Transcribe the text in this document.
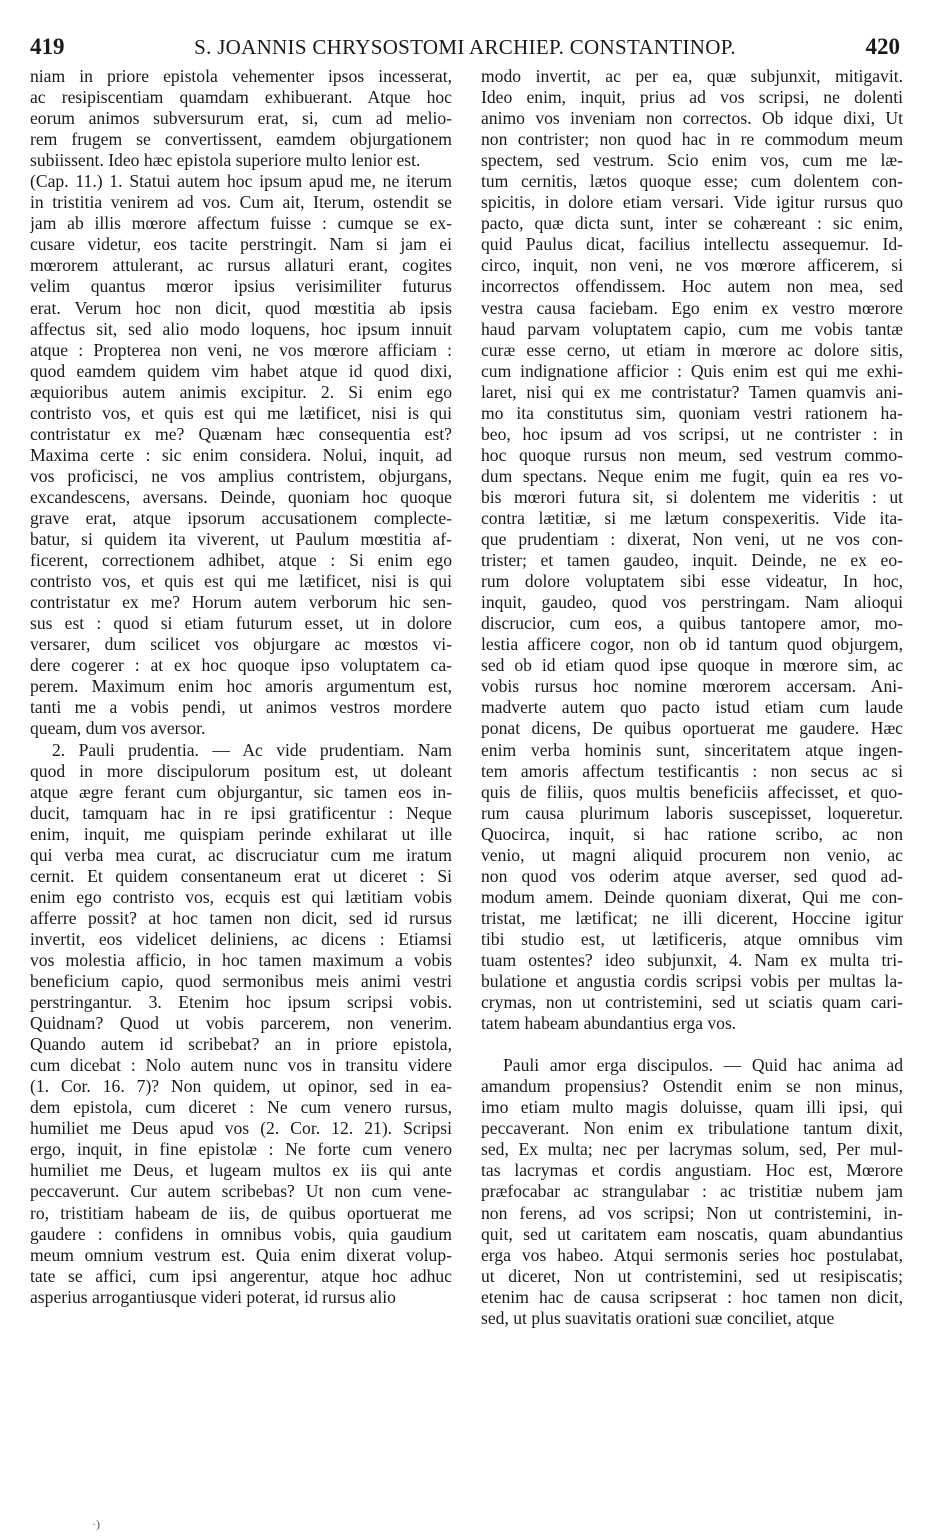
419	S. JOANNIS CHRYSOSTOMI ARCHIEP. CONSTANTINOP.	420
niam in priore epistola vehementer ipsos incesserat,
ac resipiscentiam quamdam exhibuerant. Atque hoc
eorum animos subversurum erat, si, cum ad melio-
rem frugem se convertissent, eamdem objurgationem
subiissent. Ideo hæc epistola superiore multo lenior est.
(Cap. 11.) 1. Statui autem hoc ipsum apud me, ne iterum
in tristitia venirem ad vos. Cum ait, Iterum, ostendit se
jam ab illis mœrore affectum fuisse : cumque se ex-
cusare videtur, eos tacite perstringit. Nam si jam ei
mœrorem attulerant, ac rursus allaturi erant, cogites
velim quantus mœror ipsius verisimiliter futurus
erat. Verum hoc non dicit, quod mœstitia ab ipsis
affectus sit, sed alio modo loquens, hoc ipsum innuit
atque : Propterea non veni, ne vos mœrore afficiam :
quod eamdem quidem vim habet atque id quod dixi,
æquioribus autem animis excipitur. 2. Si enim ego
contristo vos, et quis est qui me lætificet, nisi is qui
contristatur ex me? Quænam hæc consequentia est?
Maxima certe : sic enim considera. Nolui, inquit, ad
vos proficisci, ne vos amplius contristem, objurgans,
excandescens, aversans. Deinde, quoniam hoc quoque
grave erat, atque ipsorum accusationem complecte-
batur, si quidem ita viverent, ut Paulum mœstitia af-
ficerent, correctionem adhibet, atque : Si enim ego
contristo vos, et quis est qui me lætificet, nisi is qui
contristatur ex me? Horum autem verborum hic sen-
sus est : quod si etiam futurum esset, ut in dolore
versarer, dum scilicet vos objurgare ac mœstos vi-
dere cogerer : at ex hoc quoque ipso voluptatem ca-
perem. Maximum enim hoc amoris argumentum est,
tanti me a vobis pendi, ut animos vestros mordere
queam, dum vos aversor.
2. Pauli prudentia. — Ac vide prudentiam. Nam
quod in more discipulorum positum est, ut doleant
atque ægre ferant cum objurgantur, sic tamen eos in-
ducit, tamquam hac in re ipsi gratificentur : Neque
enim, inquit, me quispiam perinde exhilarat ut ille
qui verba mea curat, ac discruciatur cum me iratum
cernit. Et quidem consentaneum erat ut diceret : Si
enim ego contristo vos, ecquis est qui lætitiam vobis
afferre possit? at hoc tamen non dicit, sed id rursus
invertit, eos videlicet deliniens, ac dicens : Etiamsi
vos molestia afficio, in hoc tamen maximum a vobis
beneficium capio, quod sermonibus meis animi vestri
perstringantur. 3. Etenim hoc ipsum scripsi vobis.
Quidnam? Quod ut vobis parcerem, non venerim.
Quando autem id scribebat? an in priore epistola,
cum dicebat : Nolo autem nunc vos in transitu videre
(1. Cor. 16. 7)? Non quidem, ut opinor, sed in ea-
dem epistola, cum diceret : Ne cum venero rursus,
humiliet me Deus apud vos (2. Cor. 12. 21). Scripsi
ergo, inquit, in fine epistolæ : Ne forte cum venero
humiliet me Deus, et lugeam multos ex iis qui ante
peccaverunt. Cur autem scribebas? Ut non cum vene-
ro, tristitiam habeam de iis, de quibus oportuerat me
gaudere : confidens in omnibus vobis, quia gaudium
meum omnium vestrum est. Quia enim dixerat volup-
tate se affici, cum ipsi angerentur, atque hoc adhuc
asperius arrogantiusque videri poterat, id rursus alio
modo invertit, ac per ea, quæ subjunxit, mitigavit.
Ideo enim, inquit, prius ad vos scripsi, ne dolenti
animo vos inveniam non correctos. Ob idque dixi, Ut
non contrister; non quod hac in re commodum meum
spectem, sed vestrum. Scio enim vos, cum me læ-
tum cernitis, lætos quoque esse; cum dolentem con-
spicitis, in dolore etiam versari. Vide igitur rursus quo
pacto, quæ dicta sunt, inter se cohæreant : sic enim,
quid Paulus dicat, facilius intellectu assequemur. Id-
circo, inquit, non veni, ne vos mœrore afficerem, si
incorrectos offendissem. Hoc autem non mea, sed
vestra causa faciebam. Ego enim ex vestro mœrore
haud parvam voluptatem capio, cum me vobis tantæ
curæ esse cerno, ut etiam in mœrore ac dolore sitis,
cum indignatione afficior : Quis enim est qui me exhi-
laret, nisi qui ex me contristatur? Tamen quamvis ani-
mo ita constitutus sim, quoniam vestri rationem ha-
beo, hoc ipsum ad vos scripsi, ut ne contrister : in
hoc quoque rursus non meum, sed vestrum commo-
dum spectans. Neque enim me fugit, quin ea res vo-
bis mœrori futura sit, si dolentem me videritis : ut
contra lætitiæ, si me lætum conspexeritis. Vide ita-
que prudentiam : dixerat, Non veni, ut ne vos con-
trister; et tamen gaudeo, inquit. Deinde, ne ex eo-
rum dolore voluptatem sibi esse videatur, In hoc,
inquit, gaudeo, quod vos perstringam. Nam alioqui
discrucior, cum eos, a quibus tantopere amor, mo-
lestia afficere cogor, non ob id tantum quod objurgem,
sed ob id etiam quod ipse quoque in mœrore sim, ac
vobis rursus hoc nomine mœrorem accersam. Ani-
madverte autem quo pacto istud etiam cum laude
ponat dicens, De quibus oportuerat me gaudere. Hæc
enim verba hominis sunt, sinceritatem atque ingen-
tem amoris affectum testificantis : non secus ac si
quis de filiis, quos multis beneficiis affecisset, et quo-
rum causa plurimum laboris suscepisset, loqueretur.
Quocirca, inquit, si hac ratione scribo, ac non
venio, ut magni aliquid procurem non venio, ac
non quod vos oderim atque averser, sed quod ad-
modum amem. Deinde quoniam dixerat, Qui me con-
tristat, me lætificat; ne illi dicerent, Hoccine igitur
tibi studio est, ut lætificeris, atque omnibus vim
tuam ostentes? ideo subjunxit, 4. Nam ex multa tri-
bulatione et angustia cordis scripsi vobis per multas la-
crymas, non ut contristemini, sed ut sciatis quam cari-
tatem habeam abundantius erga vos.
Pauli amor erga discipulos. — Quid hac anima ad
amandum propensius? Ostendit enim se non minus,
imo etiam multo magis doluisse, quam illi ipsi, qui
peccaverant. Non enim ex tribulatione tantum dixit,
sed, Ex multa; nec per lacrymas solum, sed, Per mul-
tas lacrymas et cordis angustiam. Hoc est, Mœrore
præfocabar ac strangulabar : ac tristitiæ nubem jam
non ferens, ad vos scripsi; Non ut contristemini, in-
quit, sed ut caritatem eam noscatis, quam abundantius
erga vos habeo. Atqui sermonis series hoc postulabat,
ut diceret, Non ut contristemini, sed ut resipiscatis;
etenim hac de causa scripserat : hoc tamen non dicit,
sed, ut plus suavitatis orationi suæ conciliet, atque
·)
